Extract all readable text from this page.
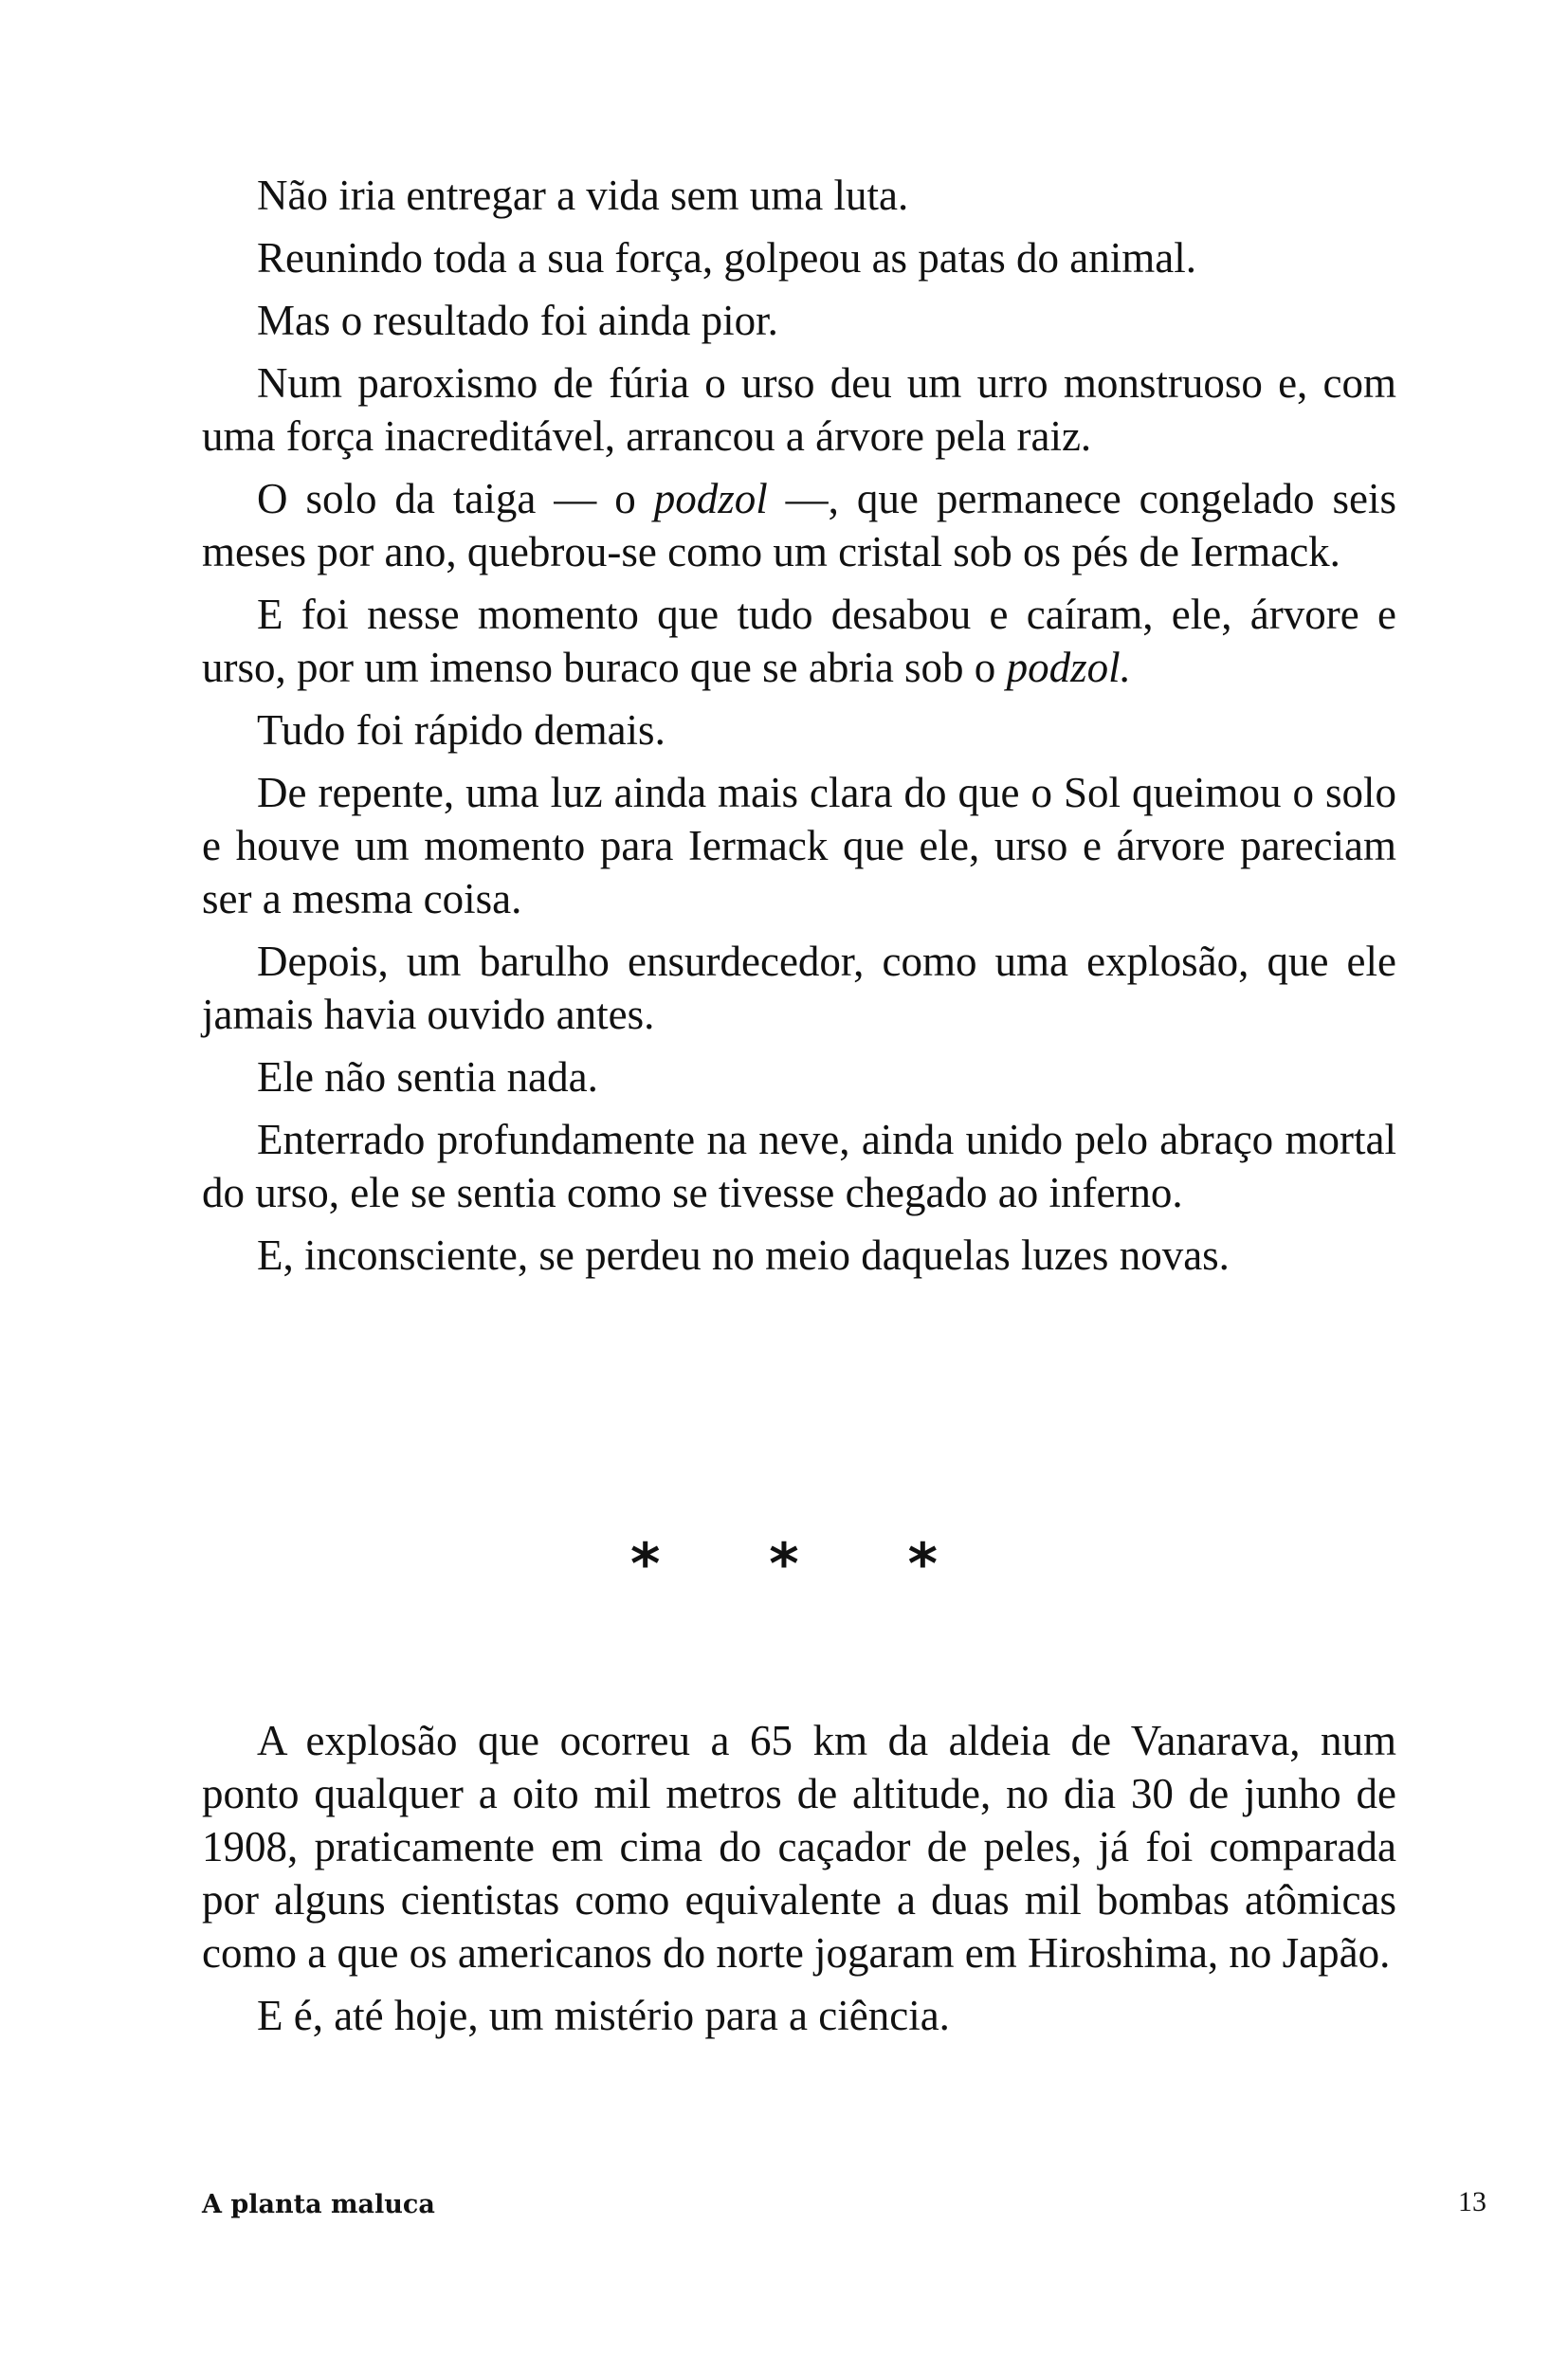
Não iria entregar a vida sem uma luta.

Reunindo toda a sua força, golpeou as patas do animal.

Mas o resultado foi ainda pior.

Num paroxismo de fúria o urso deu um urro monstruoso e, com uma força inacreditável, arrancou a árvore pela raiz.

O solo da taiga — o podzol —, que permanece congelado seis meses por ano, quebrou-se como um cristal sob os pés de Iermack.

E foi nesse momento que tudo desabou e caíram, ele, árvore e urso, por um imenso buraco que se abria sob o podzol.

Tudo foi rápido demais.

De repente, uma luz ainda mais clara do que o Sol queimou o solo e houve um momento para Iermack que ele, urso e árvore pareciam ser a mesma coisa.

Depois, um barulho ensurdecedor, como uma explosão, que ele jamais havia ouvido antes.

Ele não sentia nada.

Enterrado profundamente na neve, ainda unido pelo abraço mortal do urso, ele se sentia como se tivesse chegado ao inferno.

E, inconsciente, se perdeu no meio daquelas luzes novas.

* * *

A explosão que ocorreu a 65 km da aldeia de Vanarava, num ponto qualquer a oito mil metros de altitude, no dia 30 de junho de 1908, praticamente em cima do caçador de peles, já foi comparada por alguns cientistas como equivalente a duas mil bombas atômicas como a que os americanos do norte jogaram em Hiroshima, no Japão.

E é, até hoje, um mistério para a ciência.

A planta maluca	13
